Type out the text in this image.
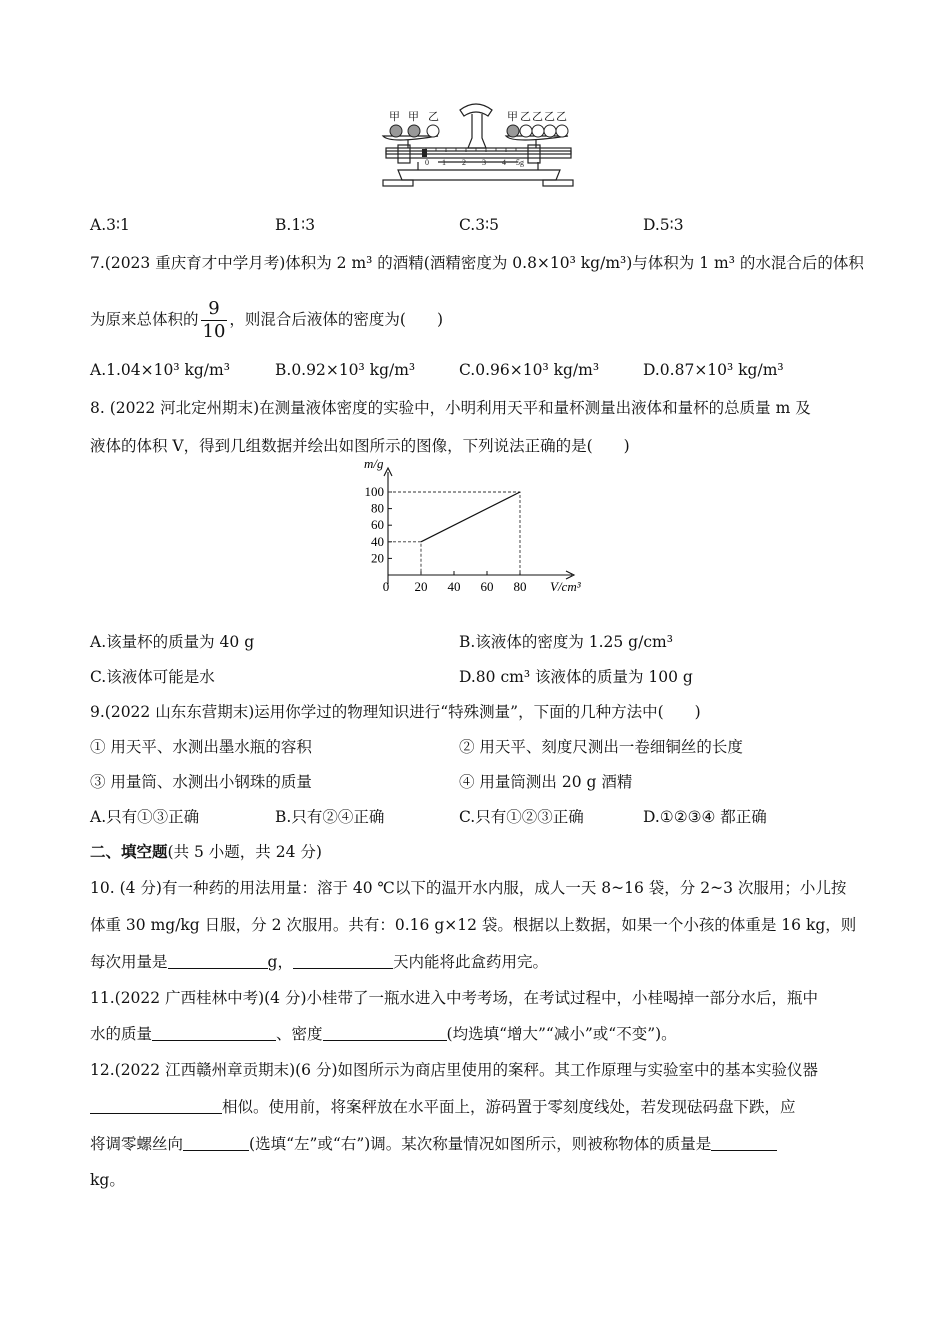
0 1 2 3 4 5g
甲 甲 乙	甲 乙 乙 乙 乙
A.3∶1	B.1∶3	C.3∶5	D.5∶3
7.(2023 重庆育才中学月考)体积为 2 m³ 的酒精(酒精密度为 0.8×10³ kg/m³)与体积为 1 m³ 的水混合后的体积
为原来总体积的 $\frac{9}{10}$ ，则混合后液体的密度为(　　)
A.1.04×10³ kg/m³	B.0.92×10³ kg/m³	C.0.96×10³ kg/m³	D.0.87×10³ kg/m³
8. (2022 河北定州期末)在测量液体密度的实验中，小明利用天平和量杯测量出液体和量杯的总质量 m 及
液体的体积 V，得到几组数据并绘出如图所示的图像，下列说法正确的是(　　)
20
40
60
80
100
0 20 40 60 80
m/g
V/cm³
A.该量杯的质量为 40 g	B.该液体的密度为 1.25 g/cm³
C.该液体可能是水	D.80 cm³ 该液体的质量为 100 g
9.(2022 山东东营期末)运用你学过的物理知识进行“特殊测量”，下面的几种方法中(　　)
① 用天平、水测出墨水瓶的容积	② 用天平、刻度尺测出一卷细铜丝的长度
③ 用量筒、水测出小钢珠的质量	④ 用量筒测出 20 g 酒精
A.只有①③正确	B.只有②④正确	C.只有①②③正确	D.①②③④ 都正确
二、填空题(共 5 小题，共 24 分)
10. (4 分)有一种药的用法用量：溶于 40 ℃以下的温开水内服，成人一天 8~16 袋，分 2~3 次服用；小儿按
体重 30 mg/kg 日服，分 2 次服用。共有：0.16 g×12 袋。根据以上数据，如果一个小孩的体重是 16 kg，则
每次用量是	g，	天内能将此盒药用完。
11.(2022 广西桂林中考)(4 分)小桂带了一瓶水进入中考考场，在考试过程中，小桂喝掉一部分水后，瓶中
水的质量	、密度	(均选填“增大”“减小”或“不变”)。
12.(2022 江西赣州章贡期末)(6 分)如图所示为商店里使用的案秤。其工作原理与实验室中的基本实验仪器
相似。使用前，将案秤放在水平面上，游码置于零刻度线处，若发现砝码盘下跌，应
将调零螺丝向	(选填“左”或“右”)调。某次称量情况如图所示，则被称物体的质量是
kg。
